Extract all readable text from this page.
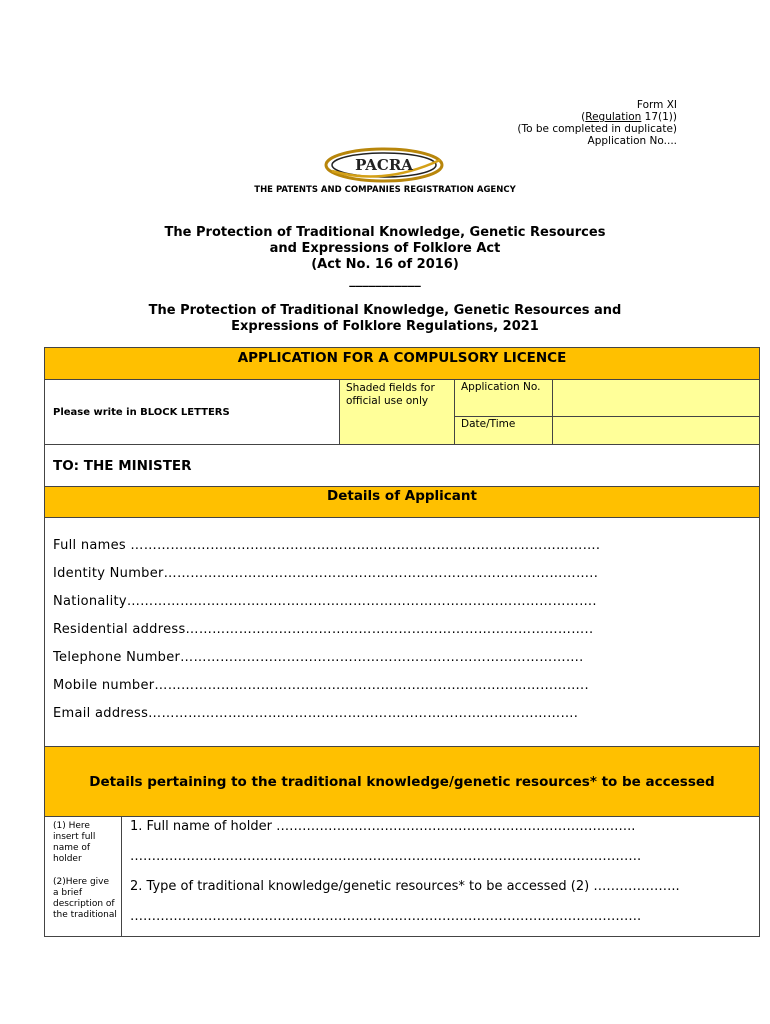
Form XI
(Regulation 17(1))
(To be completed in duplicate)
Application No....
PACRA
THE PATENTS AND COMPANIES REGISTRATION AGENCY
The Protection of Traditional Knowledge, Genetic Resources
and Expressions of Folklore Act
(Act No. 16 of 2016)
___________
The Protection of Traditional Knowledge, Genetic Resources and
Expressions of Folklore Regulations, 2021
APPLICATION FOR A COMPULSORY LICENCE
Please write in BLOCK LETTERS
Shaded fields for official use only
Application No.
Date/Time
TO: THE MINISTER
Details of Applicant
Full names …………………………………………………………………………………………….
Identity Number……………………………………………………………………………………..
Nationality…………………………………………………………………………………………….
Residential address………………………………………………………………………………..
Telephone Number……………………………………………………………………………….
Mobile number……………………………………………………………………………………..
Email address…………………………………………………………………………………….
Details pertaining to the traditional knowledge/genetic resources* to be accessed

(1) Here insert full name of holder

(2)Here give a brief description of the traditional

1. Full name of holder ………………………………………………………………………..
……………………………………………………………………………………………………….
2. Type of traditional knowledge/genetic resources* to be accessed (2) ………………..
……………………………………………………………………………………………………….
